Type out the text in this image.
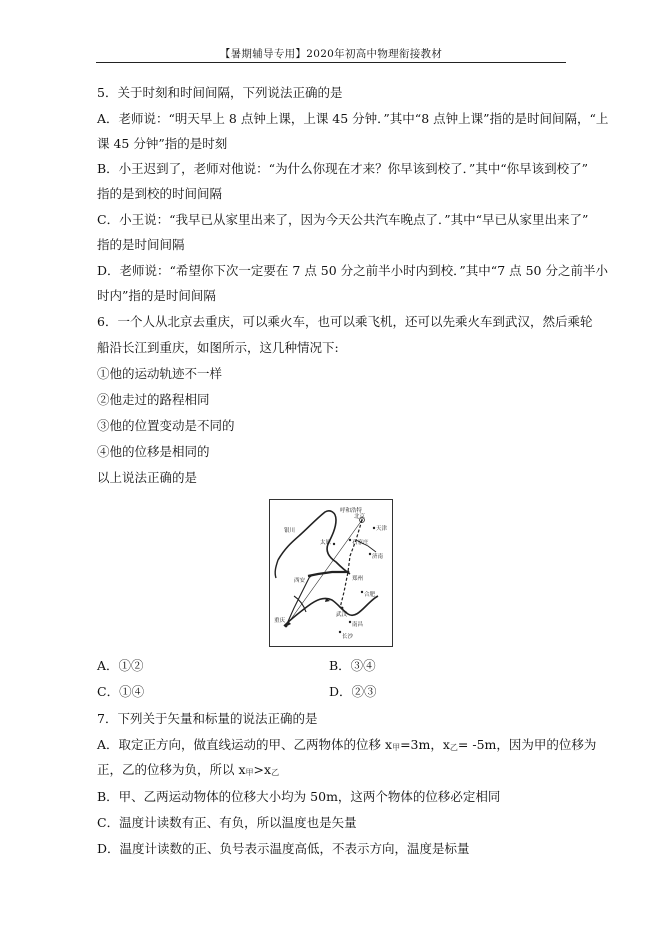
【暑期辅导专用】2020年初高中物理衔接教材
5．关于时刻和时间间隔，下列说法正确的是
A．老师说：“明天早上 8 点钟上课，上课 45 分钟．”其中“8 点钟上课”指的是时间间隔，“上
课 45 分钟”指的是时刻
B．小王迟到了，老师对他说：“为什么你现在才来？你早该到校了．”其中“你早该到校了”
指的是到校的时间间隔
C．小王说：“我早已从家里出来了，因为今天公共汽车晚点了．”其中“早已从家里出来了”
指的是时间间隔
D．老师说：“希望你下次一定要在 7 点 50 分之前半小时内到校．”其中“7 点 50 分之前半小
时内”指的是时间间隔
6．一个人从北京去重庆，可以乘火车，也可以乘飞机，还可以先乘火车到武汉，然后乘轮
船沿长江到重庆，如图所示，这几种情况下:
①他的运动轨迹不一样
②他走过的路程相同
③他的位置变动是不同的
④他的位移是相同的
以上说法正确的是
呼和浩特
北京
天津
银川
太原	石家庄
济南
西安	郑州
合肥
武汉
重庆
南昌
长沙
A．①②	B．③④
C．①④	D．②③
7．下列关于矢量和标量的说法正确的是
A．取定正方向，做直线运动的甲、乙两物体的位移 x甲=3m，x乙= -5m，因为甲的位移为
正，乙的位移为负，所以 x甲>x乙
B．甲、乙两运动物体的位移大小均为 50m，这两个物体的位移必定相同
C．温度计读数有正、有负，所以温度也是矢量
D．温度计读数的正、负号表示温度高低，不表示方向，温度是标量
